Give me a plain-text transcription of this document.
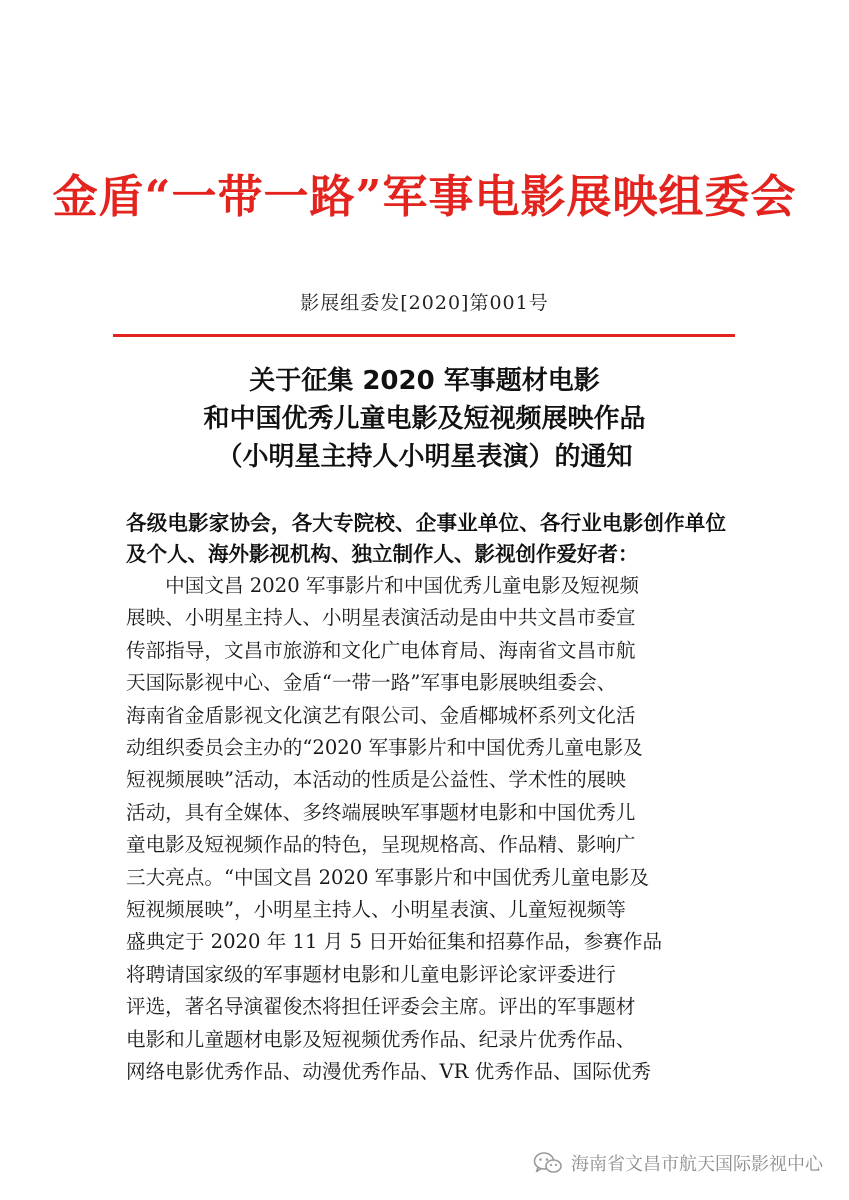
金盾“一带一路”军事电影展映组委会
影展组委发[2020]第001号
关于征集 2020 军事题材电影
和中国优秀儿童电影及短视频展映作品
（小明星主持人小明星表演）的通知
各级电影家协会，各大专院校、企事业单位、各行业电影创作单位及个人、海外影视机构、独立制作人、影视创作爱好者：
　　中国文昌 2020 军事影片和中国优秀儿童电影及短视频
展映、小明星主持人、小明星表演活动是由中共文昌市委宣
传部指导，文昌市旅游和文化广电体育局、海南省文昌市航
天国际影视中心、金盾“一带一路”军事电影展映组委会、
海南省金盾影视文化演艺有限公司、金盾椰城杯系列文化活
动组织委员会主办的“2020 军事影片和中国优秀儿童电影及
短视频展映”活动，本活动的性质是公益性、学术性的展映
活动，具有全媒体、多终端展映军事题材电影和中国优秀儿
童电影及短视频作品的特色，呈现规格高、作品精、影响广
三大亮点。“中国文昌 2020 军事影片和中国优秀儿童电影及
短视频展映”，小明星主持人、小明星表演、儿童短视频等
盛典定于 2020 年 11 月 5 日开始征集和招募作品，参赛作品
将聘请国家级的军事题材电影和儿童电影评论家评委进行
评选，著名导演翟俊杰将担任评委会主席。评出的军事题材
电影和儿童题材电影及短视频优秀作品、纪录片优秀作品、
网络电影优秀作品、动漫优秀作品、VR 优秀作品、国际优秀
海南省文昌市航天国际影视中心
